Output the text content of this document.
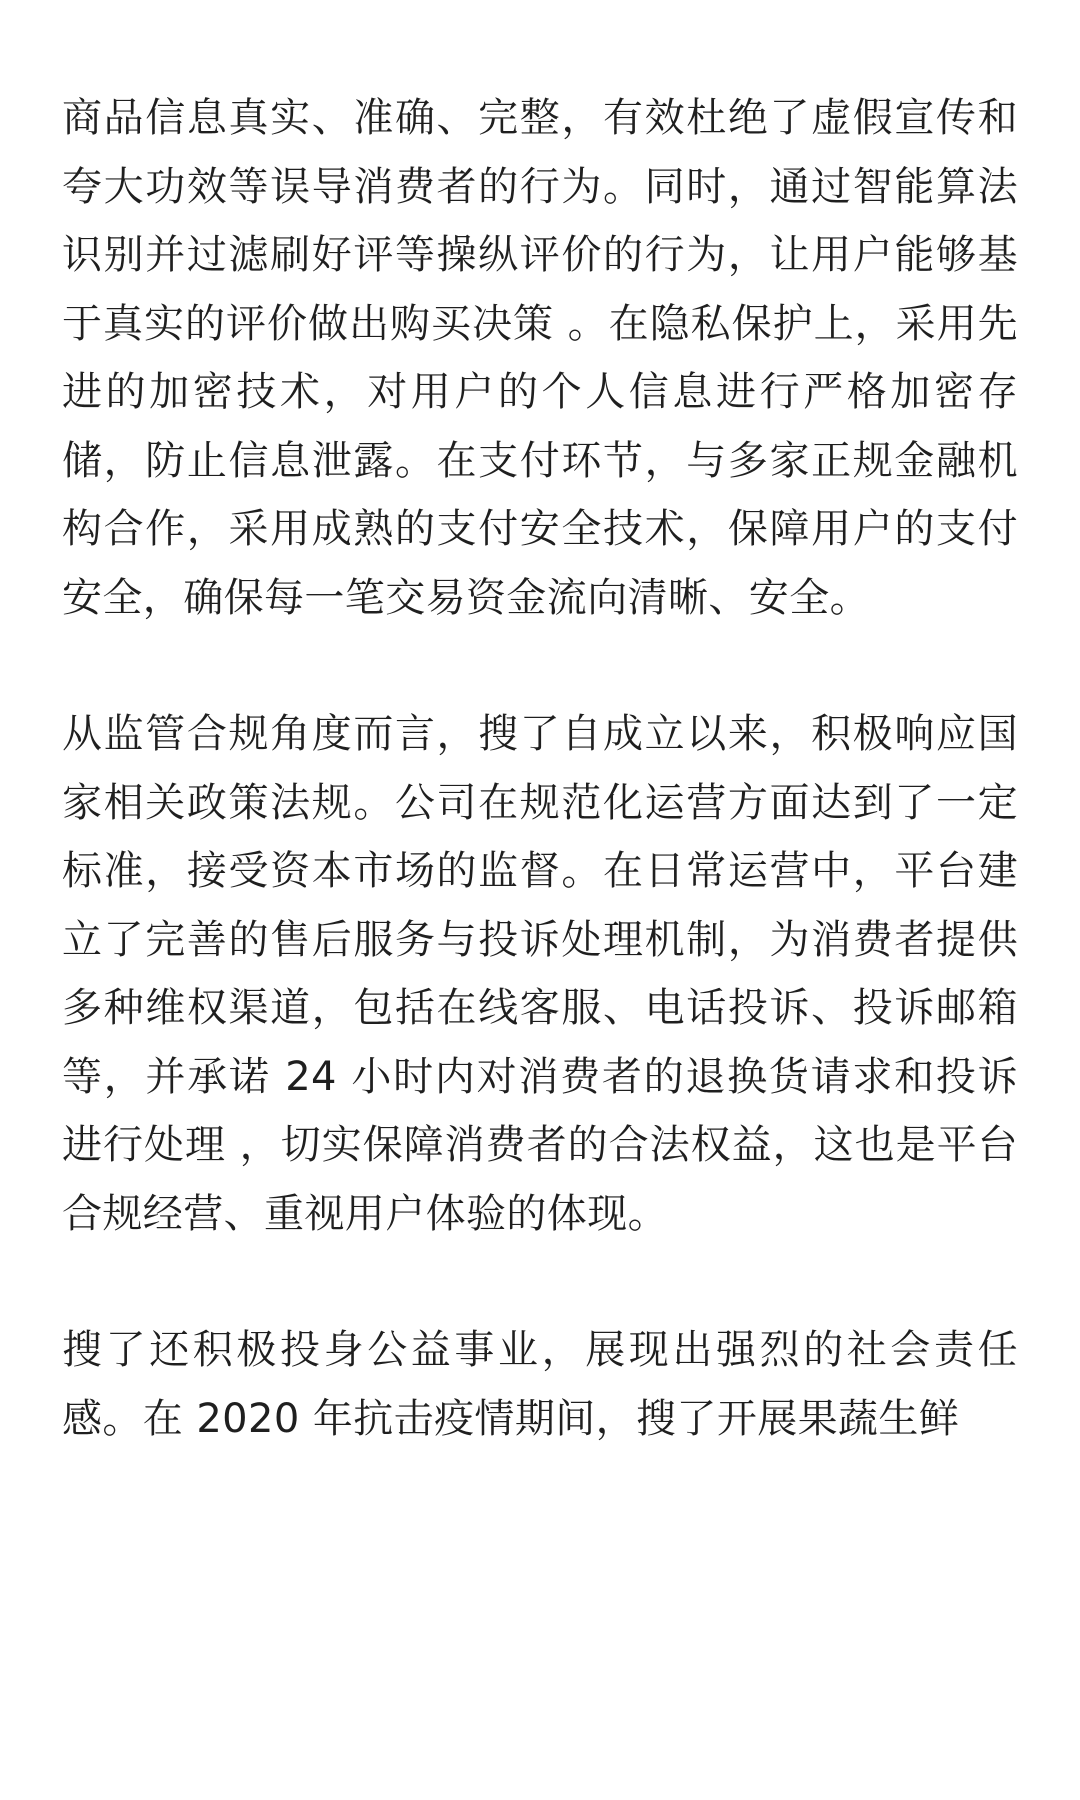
商品信息真实、准确、完整，有效杜绝了虚假宣传和夸大功效等误导消费者的行为。同时，通过智能算法识别并过滤刷好评等操纵评价的行为，让用户能够基于真实的评价做出购买决策 。在隐私保护上，采用先进的加密技术，对用户的个人信息进行严格加密存储，防止信息泄露。在支付环节，与多家正规金融机构合作，采用成熟的支付安全技术，保障用户的支付安全，确保每一笔交易资金流向清晰、安全。

从监管合规角度而言，搜了自成立以来，积极响应国家相关政策法规。公司在规范化运营方面达到了一定标准，接受资本市场的监督。在日常运营中，平台建立了完善的售后服务与投诉处理机制，为消费者提供多种维权渠道，包括在线客服、电话投诉、投诉邮箱等，并承诺 24 小时内对消费者的退换货请求和投诉进行处理 ，切实保障消费者的合法权益，这也是平台合规经营、重视用户体验的体现。

搜了还积极投身公益事业，展现出强烈的社会责任感。在 2020 年抗击疫情期间，搜了开展果蔬生鲜
